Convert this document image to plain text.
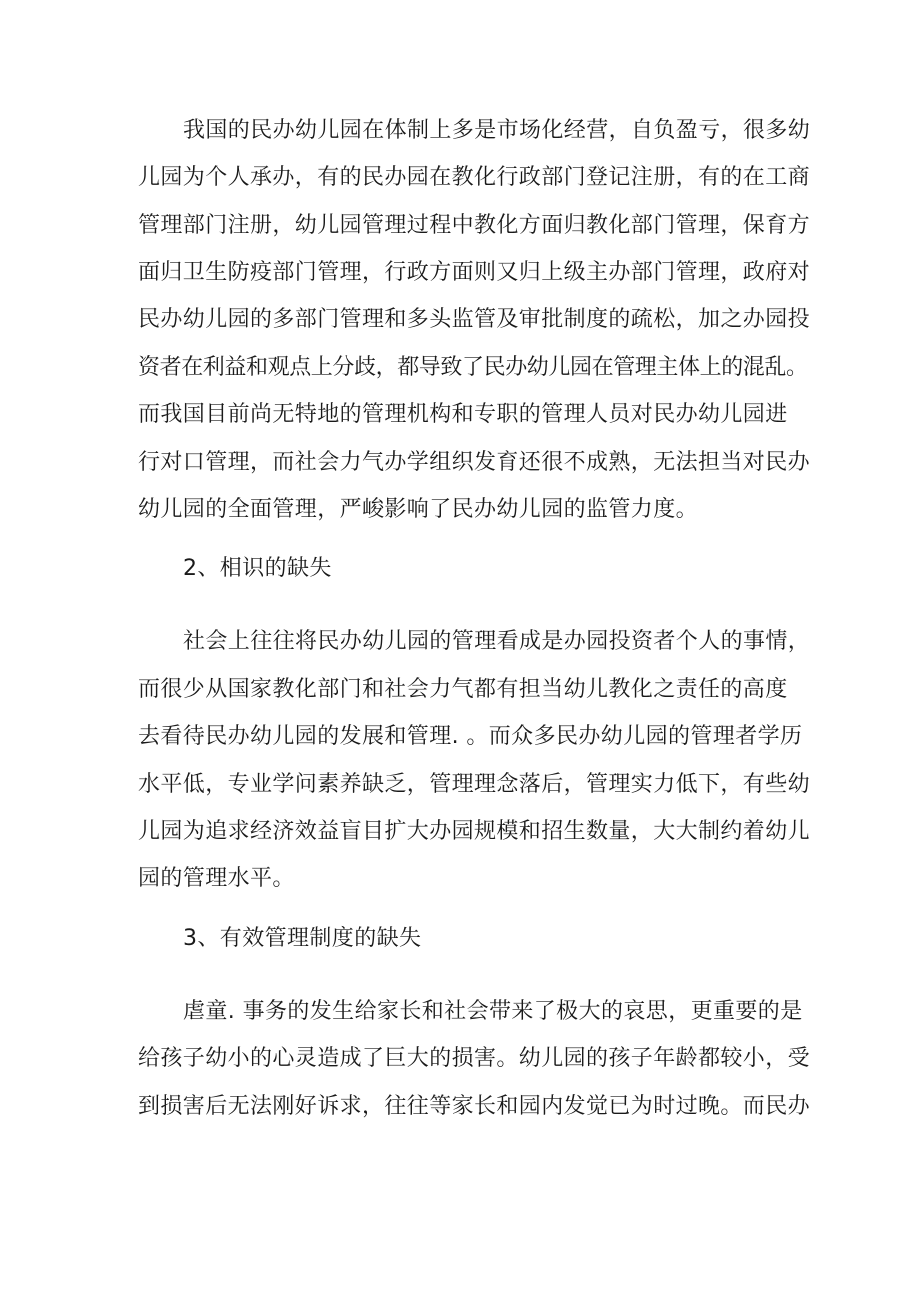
我国的民办幼儿园在体制上多是市场化经营，自负盈亏，很多幼
儿园为个人承办，有的民办园在教化行政部门登记注册，有的在工商
管理部门注册，幼儿园管理过程中教化方面归教化部门管理，保育方
面归卫生防疫部门管理，行政方面则又归上级主办部门管理，政府对
民办幼儿园的多部门管理和多头监管及审批制度的疏松，加之办园投
资者在利益和观点上分歧，都导致了民办幼儿园在管理主体上的混乱。
而我国目前尚无特地的管理机构和专职的管理人员对民办幼儿园进
行对口管理，而社会力气办学组织发育还很不成熟，无法担当对民办
幼儿园的全面管理，严峻影响了民办幼儿园的监管力度。
2、相识的缺失
社会上往往将民办幼儿园的管理看成是办园投资者个人的事情，
而很少从国家教化部门和社会力气都有担当幼儿教化之责任的高度
去看待民办幼儿园的发展和管理. 。而众多民办幼儿园的管理者学历
水平低，专业学问素养缺乏，管理理念落后，管理实力低下，有些幼
儿园为追求经济效益盲目扩大办园规模和招生数量，大大制约着幼儿
园的管理水平。
3、有效管理制度的缺失
虐童. 事务的发生给家长和社会带来了极大的哀思，更重要的是
给孩子幼小的心灵造成了巨大的损害。幼儿园的孩子年龄都较小，受
到损害后无法刚好诉求，往往等家长和园内发觉已为时过晚。而民办
